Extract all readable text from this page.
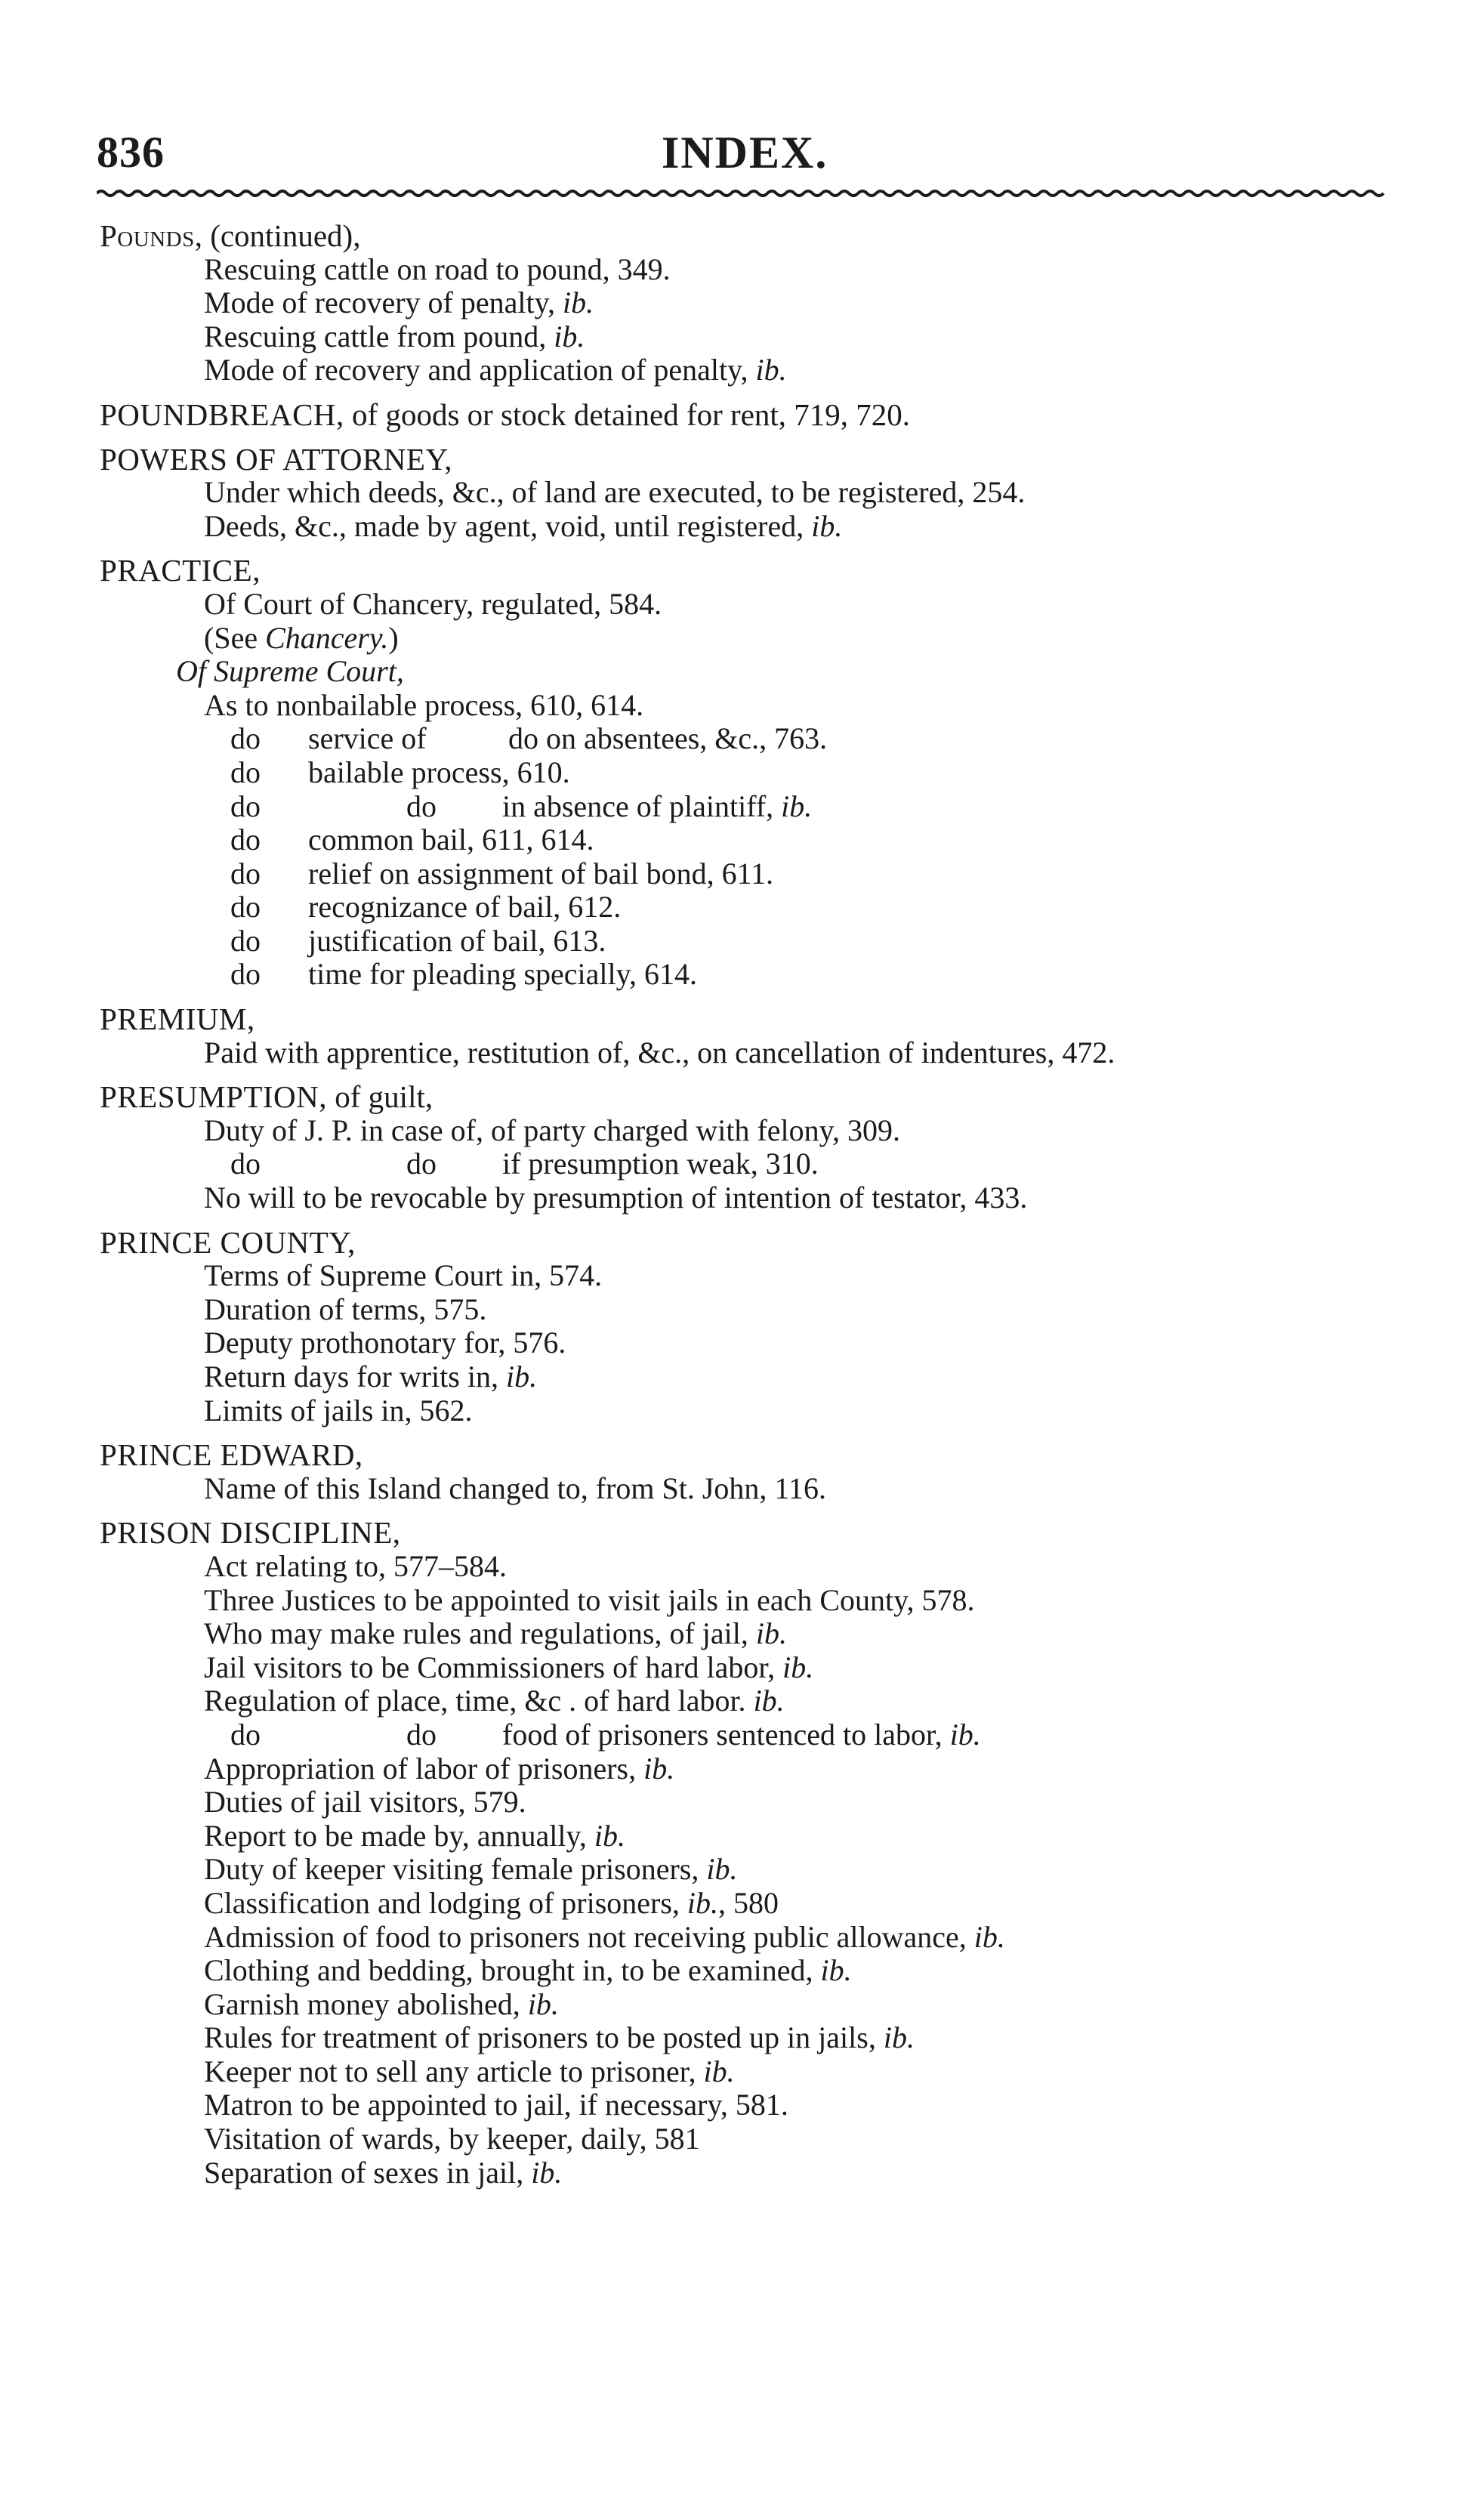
836	INDEX.
Pounds, (continued),
Rescuing cattle on road to pound, 349.
Mode of recovery of penalty, ib.
Rescuing cattle from pound, ib.
Mode of recovery and application of penalty, ib.
POUNDBREACH, of goods or stock detained for rent, 719, 720.
POWERS OF ATTORNEY,
Under which deeds, &c., of land are executed, to be registered, 254.
Deeds, &c., made by agent, void, until registered, ib.
PRACTICE,
Of Court of Chancery, regulated, 584.
(See Chancery.)
Of Supreme Court,
As to nonbailable process, 610, 614.
do service of	do on absentees, &c., 763.
do bailable process, 610.
do	do in absence of plaintiff, ib.
do common bail, 611, 614.
do relief on assignment of bail bond, 611.
do recognizance of bail, 612.
do justification of bail, 613.
do time for pleading specially, 614.
PREMIUM,
Paid with apprentice, restitution of, &c., on cancellation of indentures, 472.
PRESUMPTION, of guilt,
Duty of J. P. in case of, of party charged with felony, 309.
do	do if presumption weak, 310.
No will to be revocable by presumption of intention of testator, 433.
PRINCE COUNTY,
Terms of Supreme Court in, 574.
Duration of terms, 575.
Deputy prothonotary for, 576.
Return days for writs in, ib.
Limits of jails in, 562.
PRINCE EDWARD,
Name of this Island changed to, from St. John, 116.
PRISON DISCIPLINE,
Act relating to, 577–584.
Three Justices to be appointed to visit jails in each County, 578.
Who may make rules and regulations, of jail, ib.
Jail visitors to be Commissioners of hard labor, ib.
Regulation of place, time, &c . of hard labor. ib.
do	do food of prisoners sentenced to labor, ib.
Appropriation of labor of prisoners, ib.
Duties of jail visitors, 579.
Report to be made by, annually, ib.
Duty of keeper visiting female prisoners, ib.
Classification and lodging of prisoners, ib., 580
Admission of food to prisoners not receiving public allowance, ib.
Clothing and bedding, brought in, to be examined, ib.
Garnish money abolished, ib.
Rules for treatment of prisoners to be posted up in jails, ib.
Keeper not to sell any article to prisoner, ib.
Matron to be appointed to jail, if necessary, 581.
Visitation of wards, by keeper, daily, 581
Separation of sexes in jail, ib.
